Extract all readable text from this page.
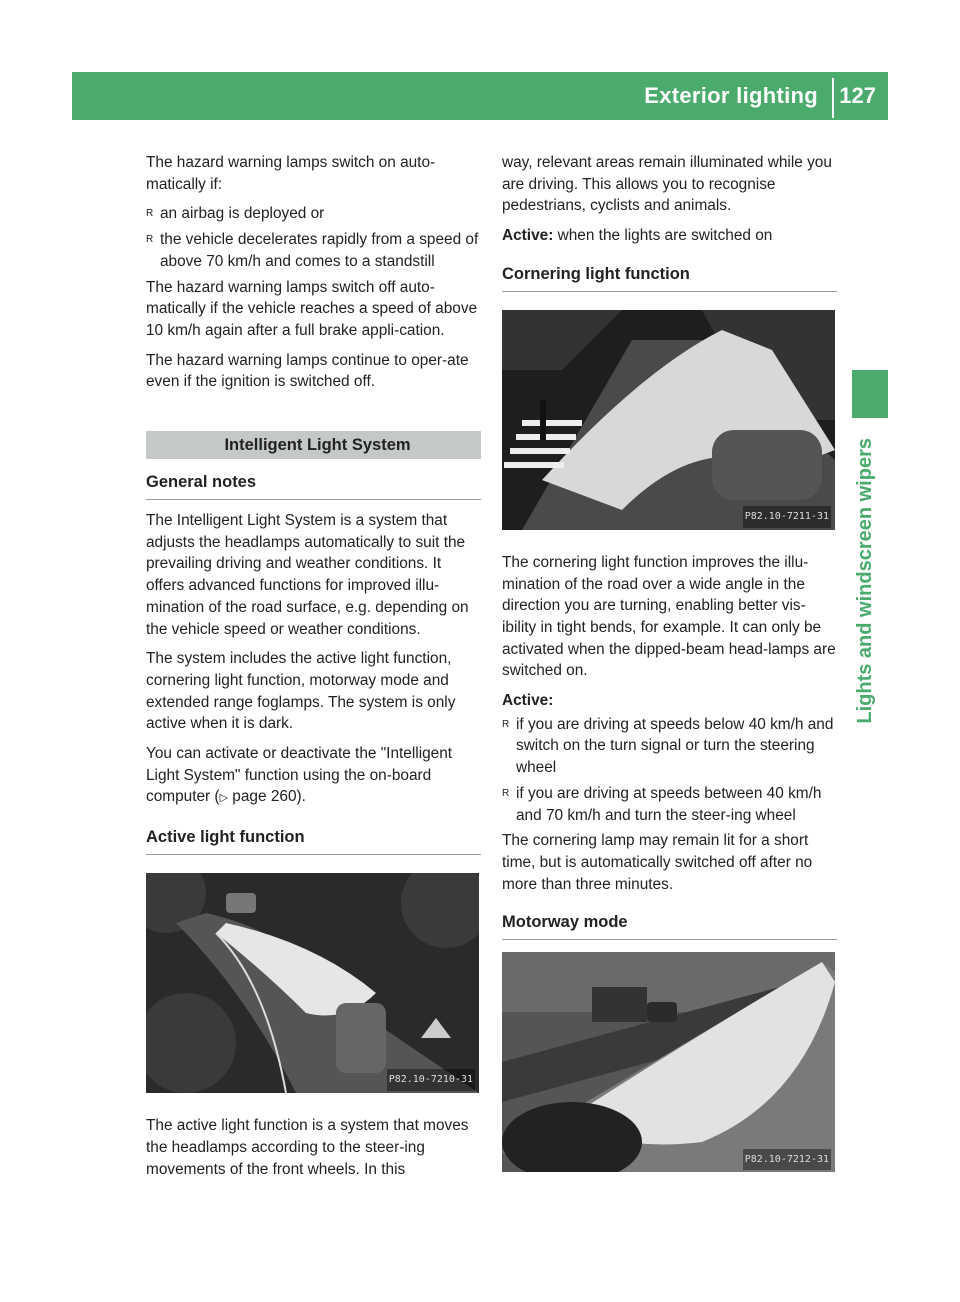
Exterior lighting 127
Lights and windscreen wipers

The hazard warning lamps switch on auto-matically if:

R an airbag is deployed or
R the vehicle decelerates rapidly from a speed of above 70 km/h and comes to a standstill

The hazard warning lamps switch off auto-matically if the vehicle reaches a speed of above 10 km/h again after a full brake appli-cation.

The hazard warning lamps continue to oper-ate even if the ignition is switched off.

Intelligent Light System
General notes

The Intelligent Light System is a system that adjusts the headlamps automatically to suit the prevailing driving and weather conditions. It offers advanced functions for improved illu-mination of the road surface, e.g. depending on the vehicle speed or weather conditions.

The system includes the active light function, cornering light function, motorway mode and extended range foglamps. The system is only active when it is dark.

You can activate or deactivate the "Intelligent Light System" function using the on-board computer (▷ page 260).

Active light function
P82.10-7210-31

The active light function is a system that moves the headlamps according to the steer-ing movements of the front wheels. In this

way, relevant areas remain illuminated while you are driving. This allows you to recognise pedestrians, cyclists and animals.

Active: when the lights are switched on

Cornering light function
P82.10-7211-31

The cornering light function improves the illu-mination of the road over a wide angle in the direction you are turning, enabling better vis-ibility in tight bends, for example. It can only be activated when the dipped-beam head-lamps are switched on.

Active:

R if you are driving at speeds below 40 km/h and switch on the turn signal or turn the steering wheel
R if you are driving at speeds between 40 km/h and 70 km/h and turn the steer-ing wheel

The cornering lamp may remain lit for a short time, but is automatically switched off after no more than three minutes.

Motorway mode
P82.10-7212-31
